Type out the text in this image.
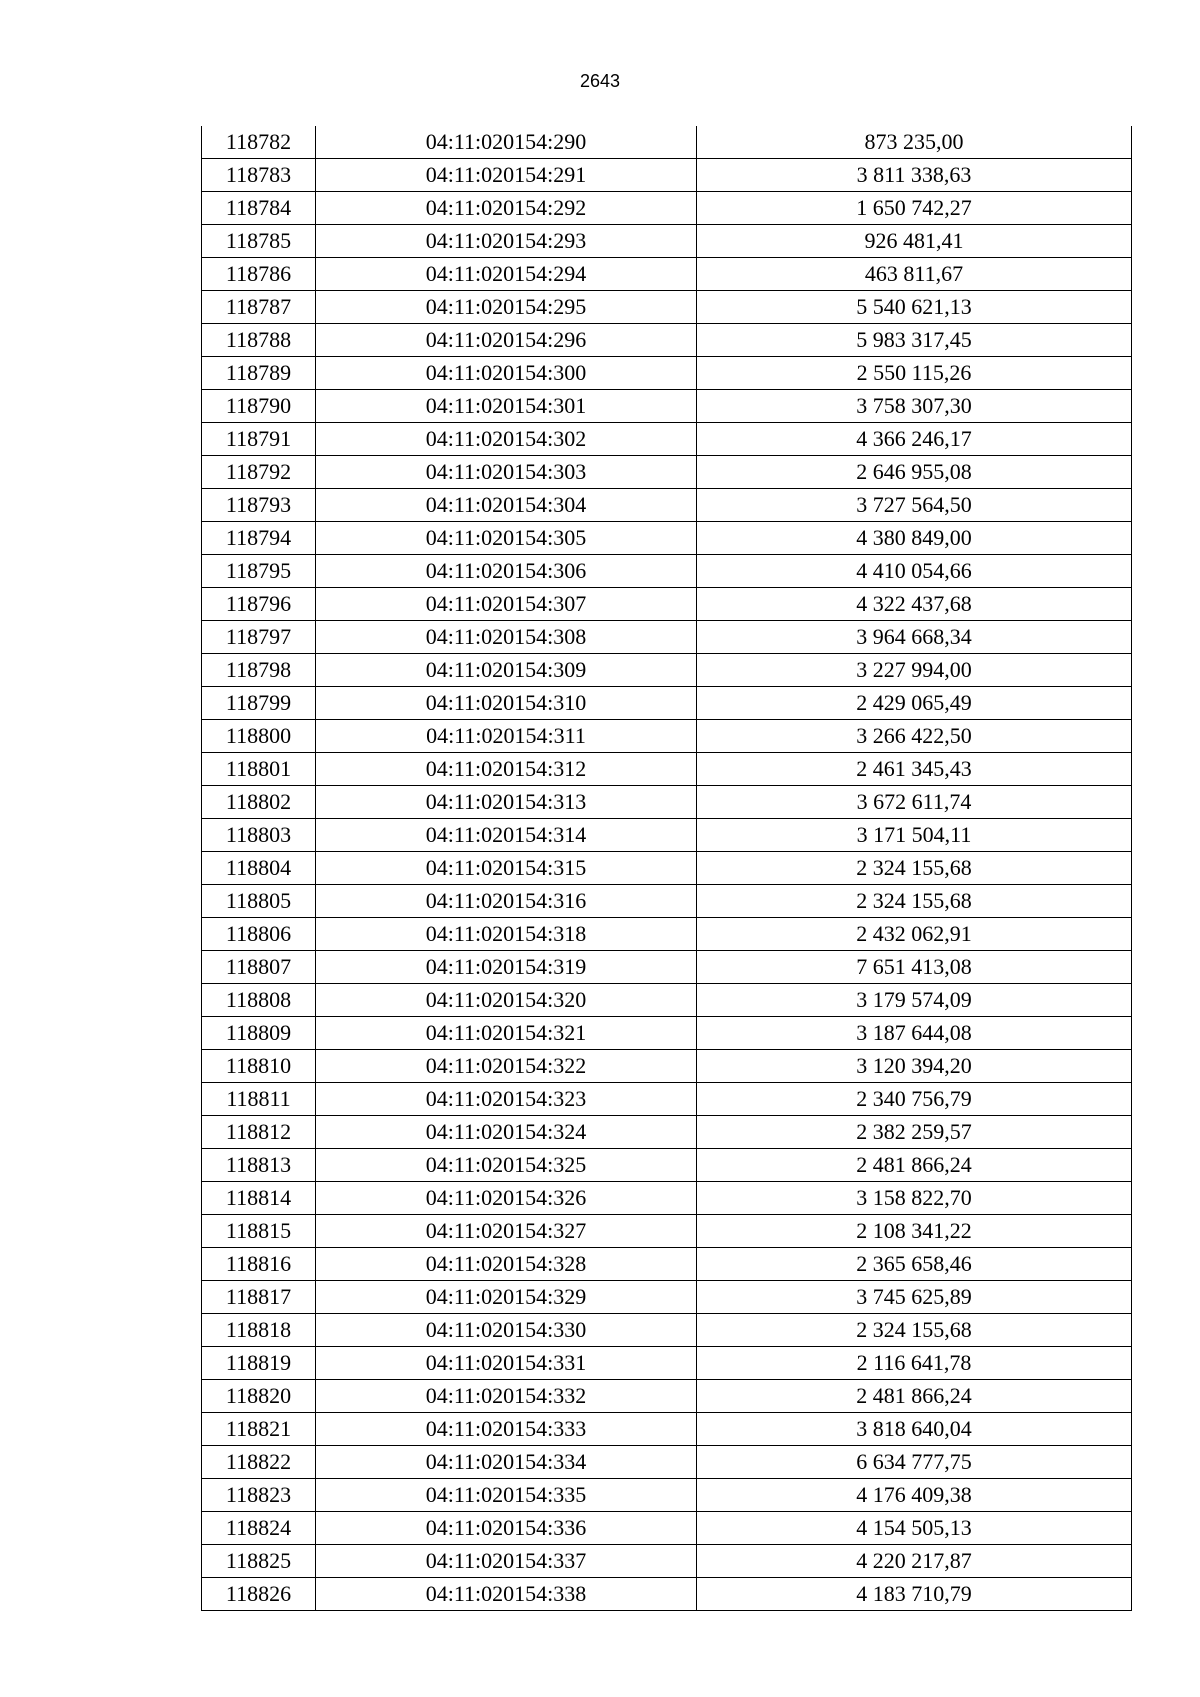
2643
118782	04:11:020154:290	873 235,00
118783	04:11:020154:291	3 811 338,63
118784	04:11:020154:292	1 650 742,27
118785	04:11:020154:293	926 481,41
118786	04:11:020154:294	463 811,67
118787	04:11:020154:295	5 540 621,13
118788	04:11:020154:296	5 983 317,45
118789	04:11:020154:300	2 550 115,26
118790	04:11:020154:301	3 758 307,30
118791	04:11:020154:302	4 366 246,17
118792	04:11:020154:303	2 646 955,08
118793	04:11:020154:304	3 727 564,50
118794	04:11:020154:305	4 380 849,00
118795	04:11:020154:306	4 410 054,66
118796	04:11:020154:307	4 322 437,68
118797	04:11:020154:308	3 964 668,34
118798	04:11:020154:309	3 227 994,00
118799	04:11:020154:310	2 429 065,49
118800	04:11:020154:311	3 266 422,50
118801	04:11:020154:312	2 461 345,43
118802	04:11:020154:313	3 672 611,74
118803	04:11:020154:314	3 171 504,11
118804	04:11:020154:315	2 324 155,68
118805	04:11:020154:316	2 324 155,68
118806	04:11:020154:318	2 432 062,91
118807	04:11:020154:319	7 651 413,08
118808	04:11:020154:320	3 179 574,09
118809	04:11:020154:321	3 187 644,08
118810	04:11:020154:322	3 120 394,20
118811	04:11:020154:323	2 340 756,79
118812	04:11:020154:324	2 382 259,57
118813	04:11:020154:325	2 481 866,24
118814	04:11:020154:326	3 158 822,70
118815	04:11:020154:327	2 108 341,22
118816	04:11:020154:328	2 365 658,46
118817	04:11:020154:329	3 745 625,89
118818	04:11:020154:330	2 324 155,68
118819	04:11:020154:331	2 116 641,78
118820	04:11:020154:332	2 481 866,24
118821	04:11:020154:333	3 818 640,04
118822	04:11:020154:334	6 634 777,75
118823	04:11:020154:335	4 176 409,38
118824	04:11:020154:336	4 154 505,13
118825	04:11:020154:337	4 220 217,87
118826	04:11:020154:338	4 183 710,79
